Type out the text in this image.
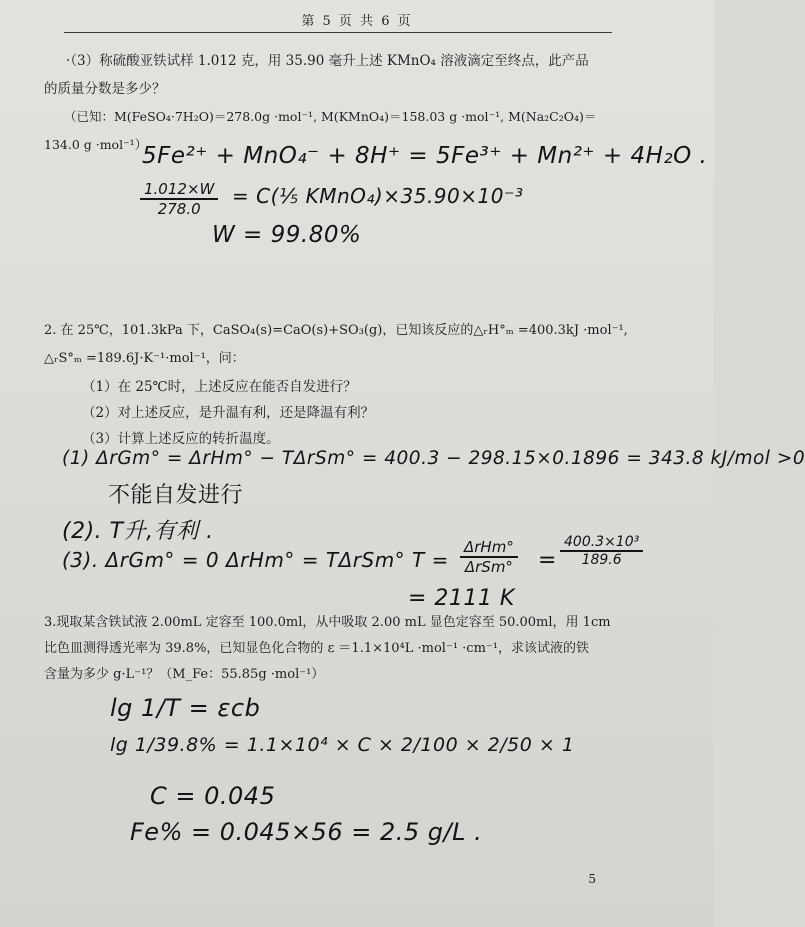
第 5 页 共 6 页
·（3）称硫酸亚铁试样 1.012 克，用 35.90 毫升上述 KMnO₄ 溶液滴定至终点，此产品
的质量分数是多少？
（已知：M(FeSO₄·7H₂O)＝278.0g ·mol⁻¹, M(KMnO₄)＝158.03 g ·mol⁻¹, M(Na₂C₂O₄)＝
134.0 g ·mol⁻¹）
5Fe²⁺ + MnO₄⁻ + 8H⁺ = 5Fe³⁺ + Mn²⁺ + 4H₂O .
$\frac{1.012\times W}{278.0}$ = C(⅕ KMnO₄)×35.90×10⁻³
W = 99.80%
2. 在 25℃，101.3kPa 下，CaSO₄(s)=CaO(s)+SO₃(g)，已知该反应的△ᵣH°ₘ =400.3kJ ·mol⁻¹,
△ᵣS°ₘ =189.6J·K⁻¹·mol⁻¹，问：
（1）在 25℃时，上述反应在能否自发进行？
（2）对上述反应，是升温有利，还是降温有利？
（3）计算上述反应的转折温度。
(1) ΔrGm° = ΔrHm° − TΔrSm° = 400.3 − 298.15×0.1896 = 343.8 kJ/mol >0
不能自发进行
(2). T升,有利 .
(3). ΔrGm° = 0 ΔrHm° = TΔrSm° T =
ΔrHm°
$\Delta rSm^\circ = \frac{\text{400.3×10³}}{189.6}$
= 2111 K
3.现取某含铁试液 2.00mL 定容至 100.0ml，从中吸取 2.00 mL 显色定容至 50.00ml，用 1cm
比色皿测得透光率为 39.8%，已知显色化合物的 ε ＝1.1×10⁴L ·mol⁻¹ ·cm⁻¹，求该试液的铁
含量为多少 g·L⁻¹？（M_Fe：55.85g ·mol⁻¹）
lg 1/T = εcb
lg 1/39.8% = 1.1×10⁴ × C × 2/100 × 2/50 × 1
C = 0.045
Fe% = 0.045×56 = 2.5 g/L .
5
